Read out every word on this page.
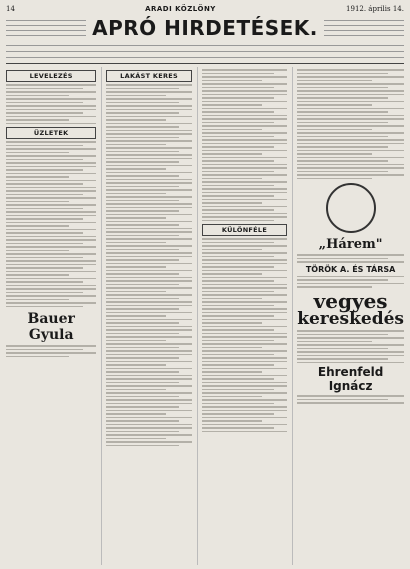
14	ARADI KÖZLÖNY	1912. április 14.
APRÓ HIRDETÉSEK.
LEVELEZÉS
ÜZLETEK
Bauer Gyula
LAKÁST KERES
KÜLÖNFÉLE
„Hárem"
TÖRÖK A. ÉS TÁRSA
vegyes
kereskedés
Ehrenfeld Ignácz
